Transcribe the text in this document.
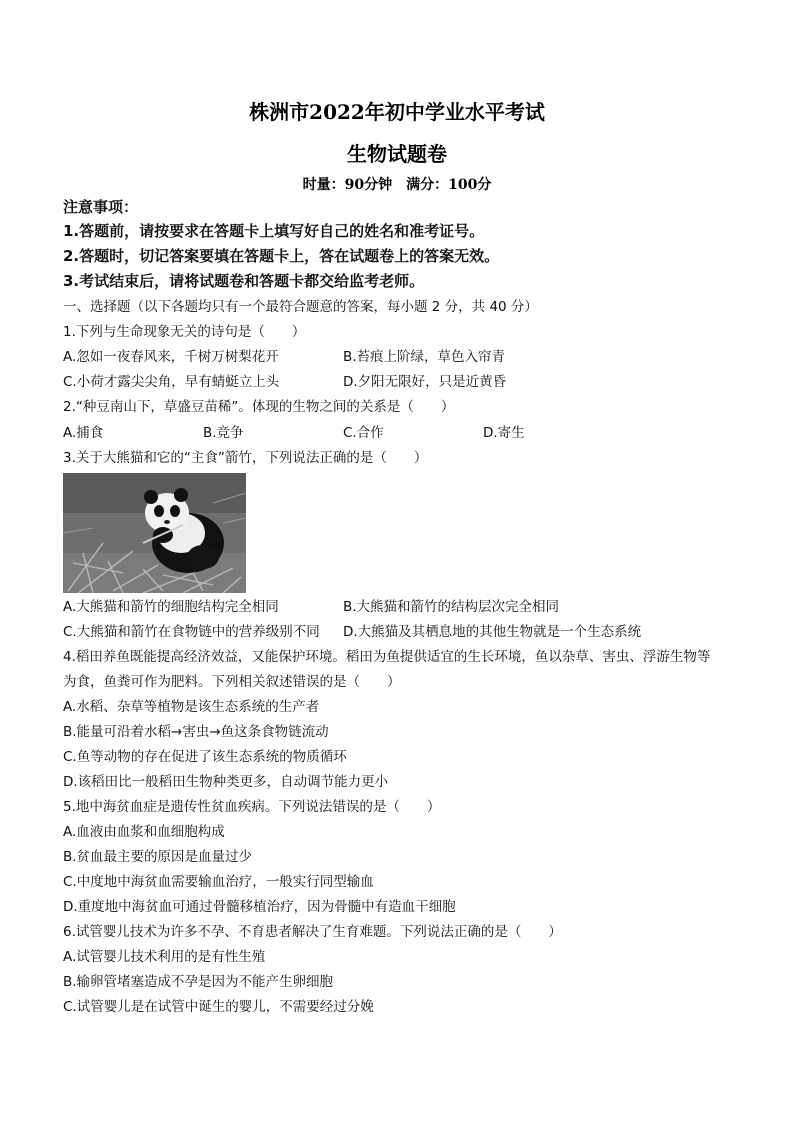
株洲市2022年初中学业水平考试
生物试题卷
时量：90分钟　满分：100分
注意事项：
1.答题前，请按要求在答题卡上填写好自己的姓名和准考证号。
2.答题时，切记答案要填在答题卡上，答在试题卷上的答案无效。
3.考试结束后，请将试题卷和答题卡都交给监考老师。
一、选择题（以下各题均只有一个最符合题意的答案，每小题 2 分，共 40 分）
1.下列与生命现象无关的诗句是（　　）
A.忽如一夜春风来，千树万树梨花开	B.苔痕上阶绿，草色入帘青
C.小荷才露尖尖角，早有蜻蜓立上头	D.夕阳无限好，只是近黄昏
2.“种豆南山下，草盛豆苗稀”。体现的生物之间的关系是（　　）
A.捕食	B.竞争	C.合作	D.寄生
3.关于大熊猫和它的“主食”箭竹，下列说法正确的是（　　）
A.大熊猫和箭竹的细胞结构完全相同	B.大熊猫和箭竹的结构层次完全相同
C.大熊猫和箭竹在食物链中的营养级别不同 D.大熊猫及其栖息地的其他生物就是一个生态系统
4.稻田养鱼既能提高经济效益，又能保护环境。稻田为鱼提供适宜的生长环境，鱼以杂草、害虫、浮游生物等
为食，鱼粪可作为肥料。下列相关叙述错误的是（　　）
A.水稻、杂草等植物是该生态系统的生产者
B.能量可沿着水稻→害虫→鱼这条食物链流动
C.鱼等动物的存在促进了该生态系统的物质循环
D.该稻田比一般稻田生物种类更多，自动调节能力更小
5.地中海贫血症是遗传性贫血疾病。下列说法错误的是（　　）
A.血液由血浆和血细胞构成
B.贫血最主要的原因是血量过少
C.中度地中海贫血需要输血治疗，一般实行同型输血
D.重度地中海贫血可通过骨髓移植治疗，因为骨髓中有造血干细胞
6.试管婴儿技术为许多不孕、不育患者解决了生育难题。下列说法正确的是（　　）
A.试管婴儿技术利用的是有性生殖
B.输卵管堵塞造成不孕是因为不能产生卵细胞
C.试管婴儿是在试管中诞生的婴儿，不需要经过分娩
